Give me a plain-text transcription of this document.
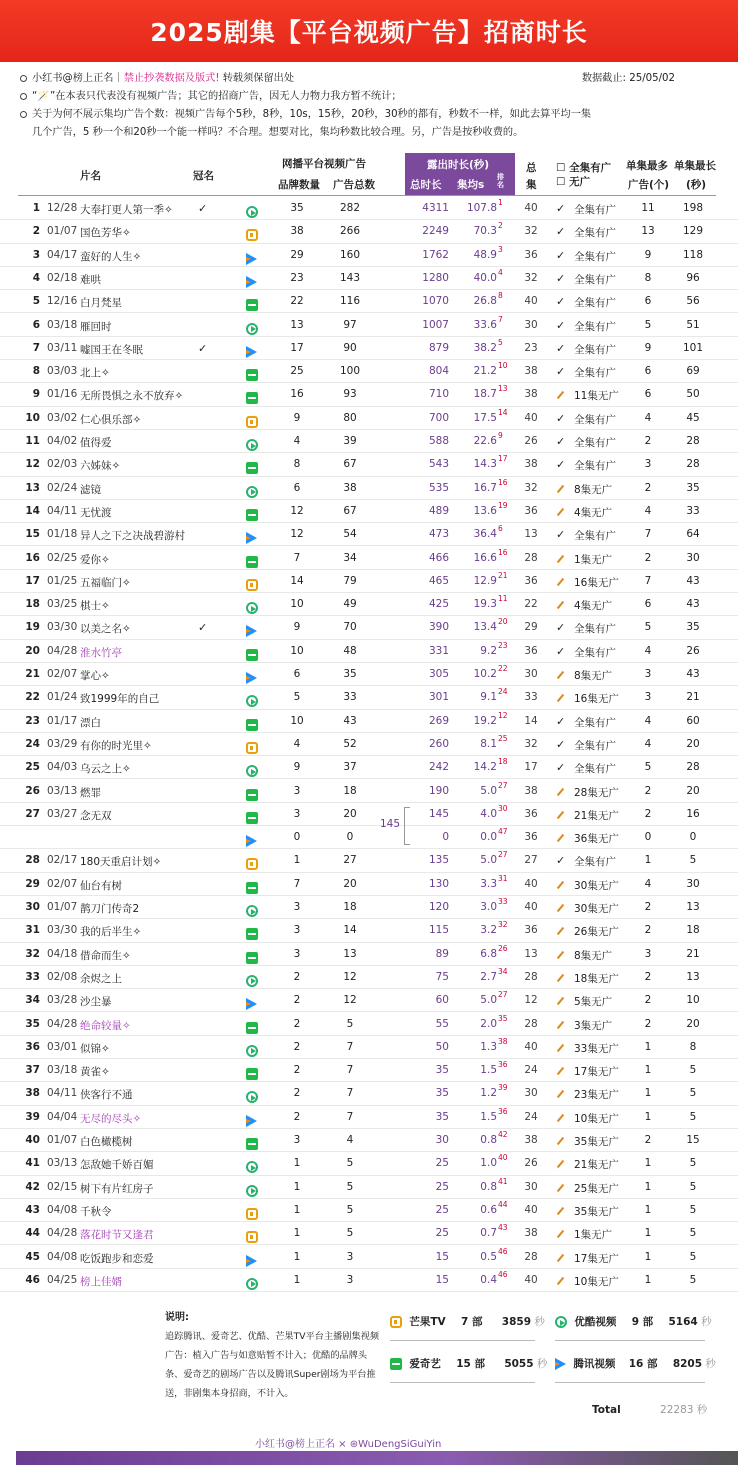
2025剧集【平台视频广告】招商时长
小红书@榜上正名｜禁止抄袭数据及版式! 转载须保留出处	数据截止: 25/05/02
“🪄”在本表只代表没有视频广告；其它的招商广告，因无人力物力我方暂不统计；
关于为何不展示集均广告个数：视频广告每个5秒，8秒，10s，15秒，20秒，30秒的都有，秒数不一样，如此去算平均一集
几个广告，5 秒一个和20秒一个能一样吗？不合理。想要对比，集均秒数比较合理。另，广告是按秒收费的。
露出时长(秒)
总时长 集均s
排名
片名	冠名
网播平台视频广告
品牌数量 广告总数
总
集
☐ 全集有广
☐ 无广
单集最多
广告(个)
单集最长
(秒)
1 12/28 大奉打更人第一季✧ ✓	35	282	4311	107.8 1	40	✓ 全集有广	11	198
2 01/07 国色芳华✧	38	266	2249	70.3 2	32	✓ 全集有广	13	129
3 04/17 蛮好的人生✧	29	160	1762	48.9 3	36	✓ 全集有广	9	118
4 02/18 难哄	23	143	1280	40.0 4	32	✓ 全集有广	8	96
5 12/16 白月梵星	22	116	1070	26.8 8	40	✓ 全集有广	6	56
6 03/18 雁回时	13	97	1007	33.6 7	30	✓ 全集有广	5	51
7 03/11 嘘国王在冬眠	✓	17	90	879	38.2 5	23	✓ 全集有广	9	101
8 03/03 北上✧	25	100	804	21.2 10	38	✓ 全集有广	6	69
9 01/16 无所畏惧之永不放弃✧	16	93	710	18.7 13	38	11集无广	6	50
10 03/02 仁心俱乐部✧	9	80	700	17.5 14	40	✓ 全集有广	4	45
11 04/02 值得爱	4	39	588	22.6 9	26	✓ 全集有广	2	28
12 02/03 六姊妹✧	8	67	543	14.3 17	38	✓ 全集有广	3	28
13 02/24 滤镜	6	38	535	16.7 16	32	8集无广	2	35
14 04/11 无忧渡	12	67	489	13.6 19	36	4集无广	4	33
15 01/18 异人之下之决战碧游村	12	54	473	36.4 6	13	✓ 全集有广	7	64
16 02/25 爱你✧	7	34	466	16.6 16	28	1集无广	2	30
17 01/25 五福临门✧	14	79	465	12.9 21	36	16集无广	7	43
18 03/25 棋士✧	10	49	425	19.3 11	22	4集无广	6	43
19 03/30 以美之名✧	✓	9	70	390	13.4 20	29	✓ 全集有广	5	35
20 04/28 淮水竹亭	10	48	331	9.2 23	36	✓ 全集有广	4	26
21 02/07 掌心✧	6	35	305	10.2 22	30	8集无广	3	43
22 01/24 致1999年的自己	5	33	301	9.1 24	33	16集无广	3	21
23 01/17 漂白	10	43	269	19.2 12	14	✓ 全集有广	4	60
24 03/29 有你的时光里✧	4	52	260	8.1 25	32	✓ 全集有广	4	20
25 04/03 乌云之上✧	9	37	242	14.2 18	17	✓ 全集有广	5	28
26 03/13 燃罪	3	18	190	5.0 27	38	28集无广	2	20
27 03/27 念无双	3	20	145	4.0 30	36	21集无广	2	16
145
0	0	0	0.0 47	36	36集无广	0	0
28 02/17 180天重启计划✧	1	27	135	5.0 27	27	✓ 全集有广	1	5
29 02/07 仙台有树	7	20	130	3.3 31	40	30集无广	4	30
30 01/07 鹊刀门传奇2	3	18	120	3.0 33	40	30集无广	2	13
31 03/30 我的后半生✧	3	14	115	3.2 32	36	26集无广	2	18
32 04/18 借命而生✧	3	13	89	6.8 26	13	8集无广	3	21
33 02/08 余烬之上	2	12	75	2.7 34	28	18集无广	2	13
34 03/28 沙尘暴	2	12	60	5.0 27	12	5集无广	2	10
35 04/28 绝命较量✧	2	5	55	2.0 35	28	3集无广	2	20
36 03/01 似锦✧	2	7	50	1.3 38	40	33集无广	1	8
37 03/18 黄雀✧	2	7	35	1.5 36	24	17集无广	1	5
38 04/11 侠客行不通	2	7	35	1.2 39	30	23集无广	1	5
39 04/04 无尽的尽头✧	2	7	35	1.5 36	24	10集无广	1	5
40 01/07 白色橄榄树	3	4	30	0.8 42	38	35集无广	2	15
41 03/13 怎敌她千娇百媚	1	5	25	1.0 40	26	21集无广	1	5
42 02/15 树下有片红房子	1	5	25	0.8 41	30	25集无广	1	5
43 04/08 千秋令	1	5	25	0.6 44	40	35集无广	1	5
44 04/28 落花时节又逢君	1	5	25	0.7 43	38	1集无广	1	5
45 04/08 吃饭跑步和恋爱	1	3	15	0.5 46	28	17集无广	1	5
46 04/25 榜上佳婿	1	3	15	0.4 46	40	10集无广	1	5
说明:
追踪腾讯、爱奇艺、优酷、芒果TV平台主播剧集视频广告：植入广告与如意贴暂不计入；优酷的品牌头条、爱奇艺的剧场广告以及腾讯Super剧场为平台推送，非剧集本身招商，不计入。
芒果TV 7 部 3859 秒
爱奇艺 15 部 5055 秒
优酷视频 9 部 5164 秒
腾讯视频 16 部 8205 秒
Total	22283 秒
小红书@榜上正名 × ⊛WuDengSiGuiYin
